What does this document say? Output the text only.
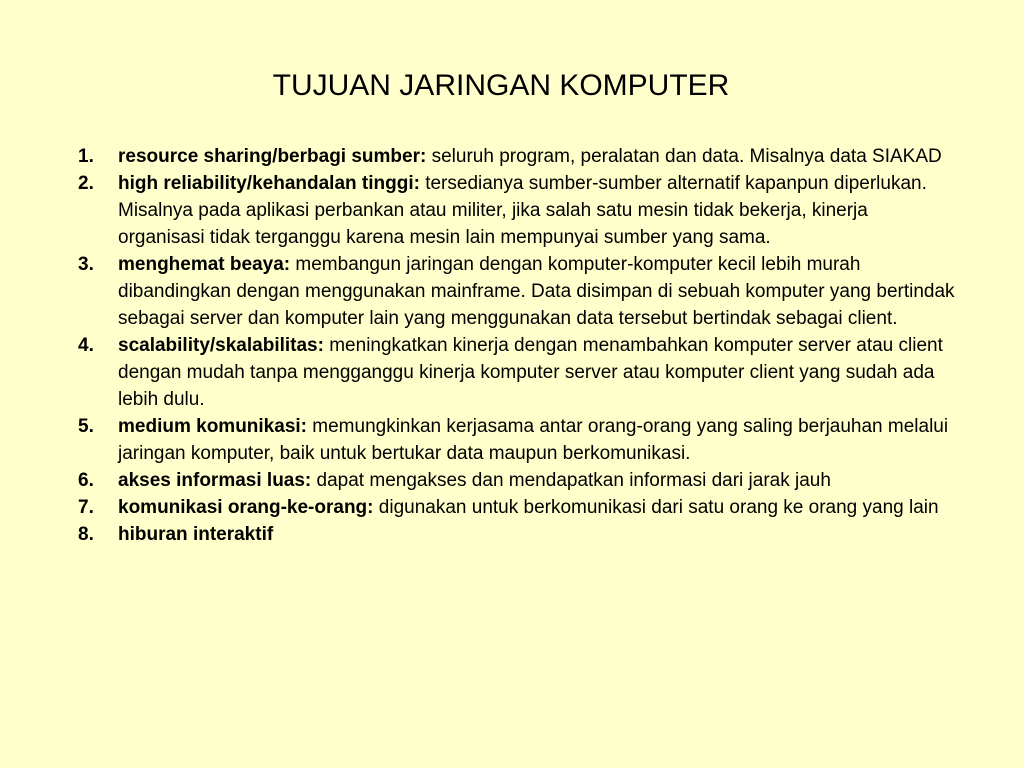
TUJUAN JARINGAN KOMPUTER
1. resource sharing/berbagi sumber: seluruh program, peralatan dan data. Misalnya data SIAKAD
2. high reliability/kehandalan tinggi: tersedianya sumber-sumber alternatif kapanpun diperlukan. Misalnya pada aplikasi perbankan atau militer, jika salah satu mesin tidak bekerja, kinerja organisasi tidak terganggu karena mesin lain mempunyai sumber yang sama.
3. menghemat beaya: membangun jaringan dengan komputer-komputer kecil lebih murah dibandingkan dengan menggunakan mainframe. Data disimpan di sebuah komputer yang bertindak sebagai server dan komputer lain yang menggunakan data tersebut bertindak sebagai client.
4. scalability/skalabilitas: meningkatkan kinerja dengan menambahkan komputer server atau client dengan mudah tanpa mengganggu kinerja komputer server atau komputer client yang sudah ada lebih dulu.
5. medium komunikasi: memungkinkan kerjasama antar orang-orang yang saling berjauhan melalui jaringan komputer, baik untuk bertukar data maupun berkomunikasi.
6. akses informasi luas: dapat mengakses dan mendapatkan informasi dari jarak jauh
7. komunikasi orang-ke-orang: digunakan untuk berkomunikasi dari satu orang ke orang yang lain
8. hiburan interaktif
